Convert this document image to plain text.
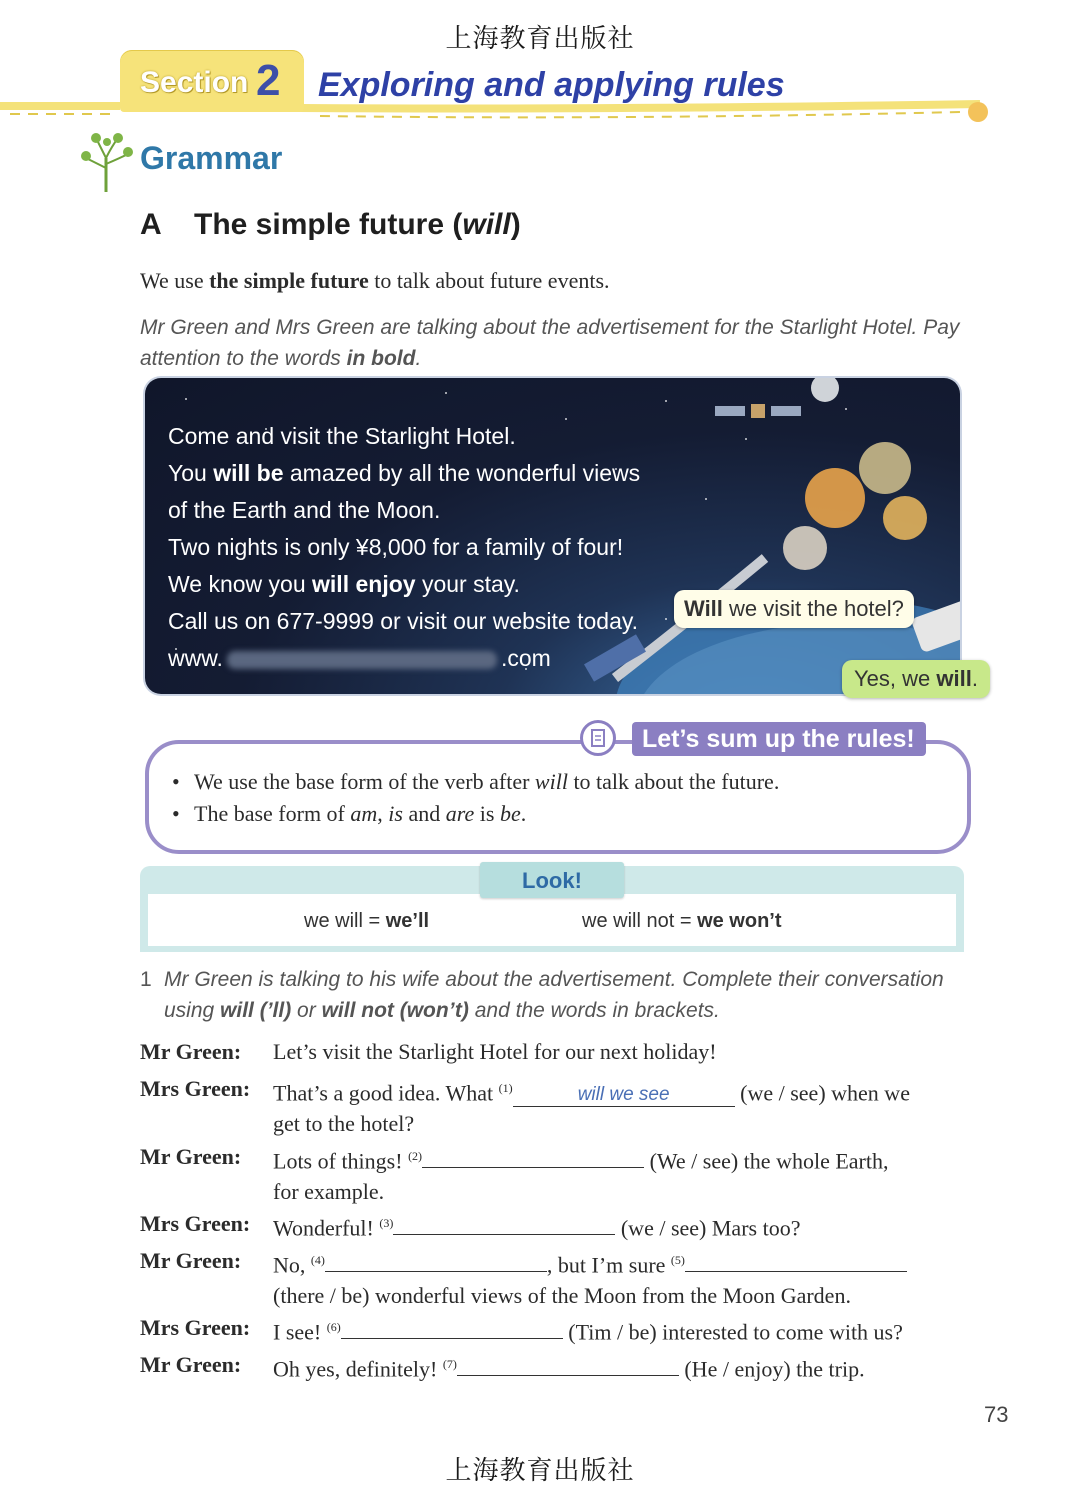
上海教育出版社
Section 2 Exploring and applying rules
Grammar
A The simple future (will)
We use the simple future to talk about future events.
Mr Green and Mrs Green are talking about the advertisement for the Starlight Hotel. Pay attention to the words in bold.
Come and visit the Starlight Hotel.
You will be amazed by all the wonderful views
of the Earth and the Moon.
Two nights is only ¥8,000 for a family of four!
We know you will enjoy your stay.
Call us on 677-9999 or visit our website today.
www.	.com
Will we visit the hotel?
Yes, we will.
Let’s sum up the rules!
• We use the base form of the verb after will to talk about the future.
• The base form of am, is and are is be.
Look!
we will = we’ll	we will not = we won’t
1 Mr Green is talking to his wife about the advertisement. Complete their conversation
using will (’ll) or will not (won’t) and the words in brackets.
Mr Green: Let’s visit the Starlight Hotel for our next holiday!
Mrs Green: That’s a good idea. What $^{(1)}$	will we see	(we / see) when we
get to the hotel?
Mr Green: Lots of things! $^{(2)}$	(We / see) the whole Earth,
for example.
Mrs Green: Wonderful! $^{(3)}$	(we / see) Mars too?
Mr Green: No, $^{(4)}$	, but I’m sure $^{(5)}$
(there / be) wonderful views of the Moon from the Moon Garden.
Mrs Green: I see! $^{(6)}$	(Tim / be) interested to come with us?
Mr Green: Oh yes, definitely! $^{(7)}$	(He / enjoy) the trip.
73
上海教育出版社
